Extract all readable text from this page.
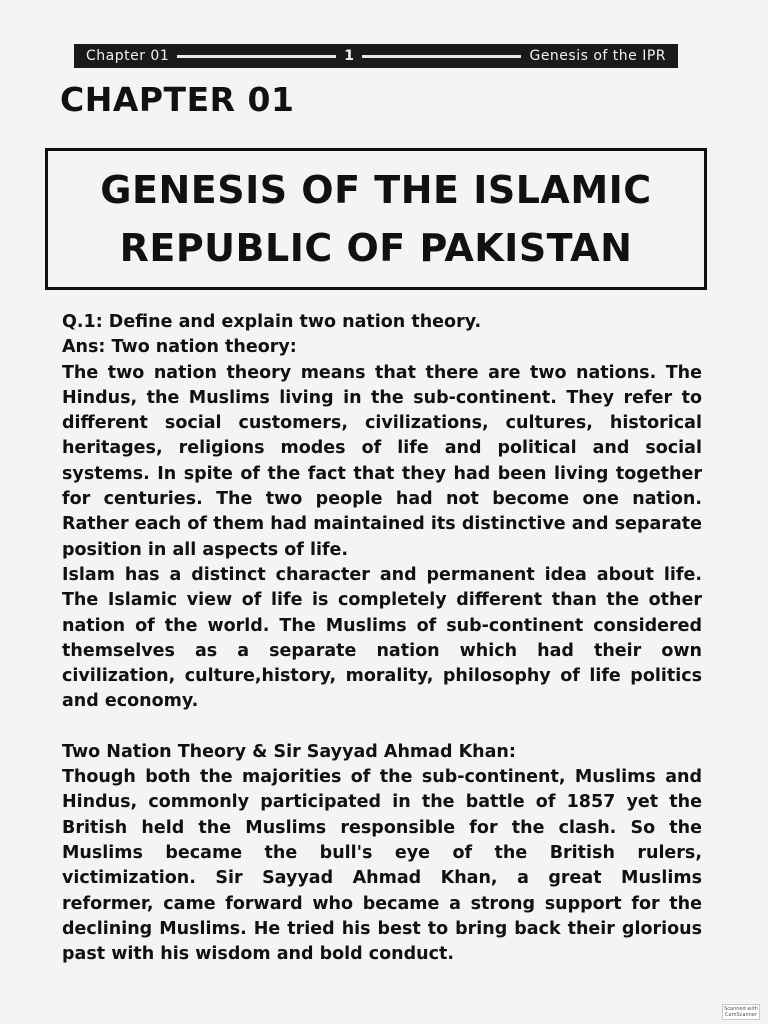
Chapter 01	1	Genesis of the IPR
CHAPTER 01
GENESIS OF THE ISLAMIC
REPUBLIC OF PAKISTAN
Q.1: Define and explain two nation theory.
Ans: Two nation theory:

The two nation theory means that there are two nations. The Hindus, the Muslims living in the sub-continent. They refer to different social customers, civilizations, cultures, historical heritages, religions modes of life and political and social systems. In spite of the fact that they had been living together for centuries. The two people had not become one nation. Rather each of them had maintained its distinctive and separate position in all aspects of life.

Islam has a distinct character and permanent idea about life. The Islamic view of life is completely different than the other nation of the world. The Muslims of sub-continent considered themselves as a separate nation which had their own civilization, culture,history, morality, philosophy of life politics and economy.

Two Nation Theory & Sir Sayyad Ahmad Khan:

Though both the majorities of the sub-continent, Muslims and Hindus, commonly participated in the battle of 1857 yet the British held the Muslims responsible for the clash. So the Muslims became the bull's eye of the British rulers, victimization. Sir Sayyad Ahmad Khan, a great Muslims reformer, came forward who became a strong support for the declining Muslims. He tried his best to bring back their glorious past with his wisdom and bold conduct.

Scanned with CamScanner
